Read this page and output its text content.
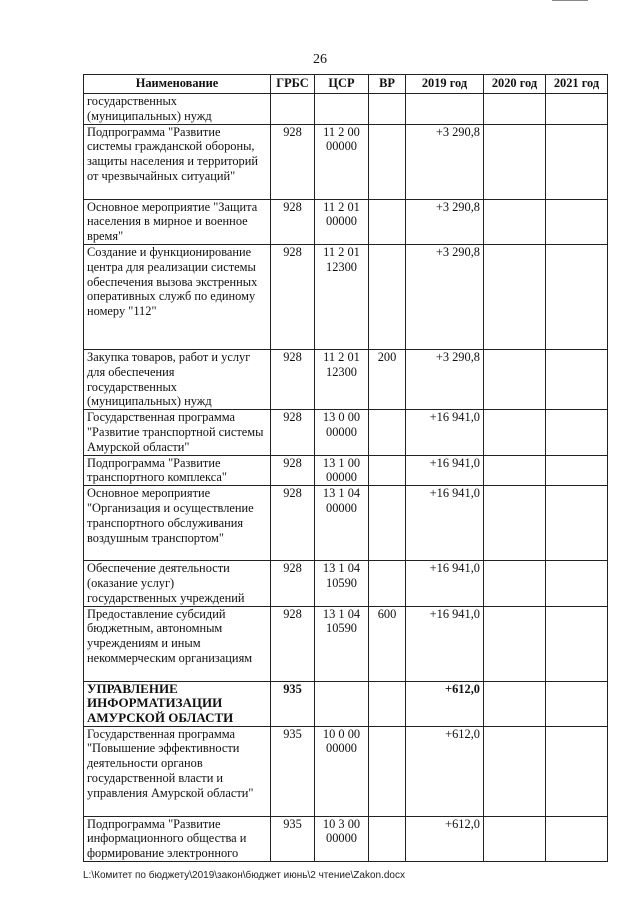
26
Наименование	ГРБС	ЦСР	ВР	2019 год	2020 год	2021 год
государственных (муниципальных) нужд						
Подпрограмма "Развитие системы гражданской обороны, защиты населения и территорий от чрезвычайных ситуаций"	928	11 2 00 00000		+3 290,8		
Основное мероприятие "Защита населения в мирное и военное время"	928	11 2 01 00000		+3 290,8		
Создание и функционирование центра для реализации системы обеспечения вызова экстренных оперативных служб по единому номеру "112"	928	11 2 01 12300		+3 290,8		
Закупка товаров, работ и услуг для обеспечения государственных (муниципальных) нужд	928	11 2 01 12300	200	+3 290,8		
Государственная программа "Развитие транспортной системы Амурской области"	928	13 0 00 00000		+16 941,0		
Подпрограмма "Развитие транспортного комплекса"	928	13 1 00 00000		+16 941,0		
Основное мероприятие "Организация и осуществление транспортного обслуживания воздушным транспортом"	928	13 1 04 00000		+16 941,0		
Обеспечение деятельности (оказание услуг) государственных учреждений	928	13 1 04 10590		+16 941,0		
Предоставление субсидий бюджетным, автономным учреждениям и иным некоммерческим организациям	928	13 1 04 10590	600	+16 941,0		
УПРАВЛЕНИЕ ИНФОРМАТИЗАЦИИ АМУРСКОЙ ОБЛАСТИ	935			+612,0		
Государственная программа "Повышение эффективности деятельности органов государственной власти и управления Амурской области"	935	10 0 00 00000		+612,0		
Подпрограмма "Развитие информационного общества и формирование электронного	935	10 3 00 00000		+612,0		
L:\Комитет по бюджету\2019\закон\бюджет июнь\2 чтение\Zakon.docx
